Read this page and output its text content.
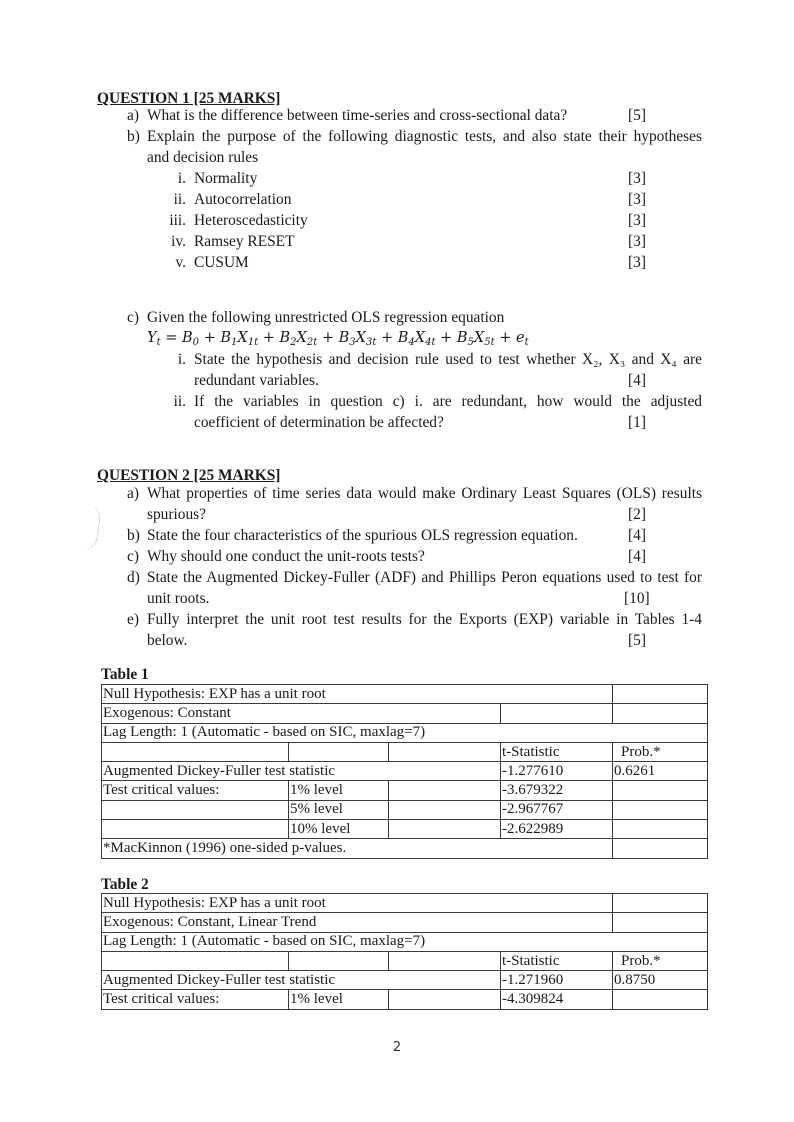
QUESTION 1 [25 MARKS]
a) What is the difference between time-series and cross-sectional data?	[5]
b) Explain the purpose of the following diagnostic tests, and also state their hypotheses
and decision rules
i. Normality	[3]
ii. Autocorrelation	[3]
iii. Heteroscedasticity	[3]
iv. Ramsey RESET	[3]
v. CUSUM	[3]
c) Given the following unrestricted OLS regression equation
$Y_t = B_0 + B_1X_{1t} + B_2X_{2t} + B_3X_{3t} + B_4X_{4t} + B_5X_{5t} + e_t$
i. State the hypothesis and decision rule used to test whether X₂, X₃ and X₄ are
redundant variables.	[4]
ii. If the variables in question c) i. are redundant, how would the adjusted
coefficient of determination be affected?	[1]
QUESTION 2 [25 MARKS]
a) What properties of time series data would make Ordinary Least Squares (OLS) results
spurious?	[2]
b) State the four characteristics of the spurious OLS regression equation.	[4]
c) Why should one conduct the unit-roots tests?	[4]
d) State the Augmented Dickey-Fuller (ADF) and Phillips Peron equations used to test for
unit roots.	[10]
e) Fully interpret the unit root test results for the Exports (EXP) variable in Tables 1-4
below.	[5]
Table 1
Null Hypothesis: EXP has a unit root				
Exogenous: Constant				
Lag Length: 1 (Automatic - based on SIC, maxlag=7)				
			t-Statistic	Prob.*
Augmented Dickey-Fuller test statistic			-1.277610	0.6261
Test critical values:	1% level		-3.679322	
	5% level		-2.967767	
	10% level		-2.622989	
*MacKinnon (1996) one-sided p-values.				
Table 2
Null Hypothesis: EXP has a unit root				
Exogenous: Constant, Linear Trend				
Lag Length: 1 (Automatic - based on SIC, maxlag=7)				
			t-Statistic	Prob.*
Augmented Dickey-Fuller test statistic			-1.271960	0.8750
Test critical values:	1% level		-4.309824	
2
